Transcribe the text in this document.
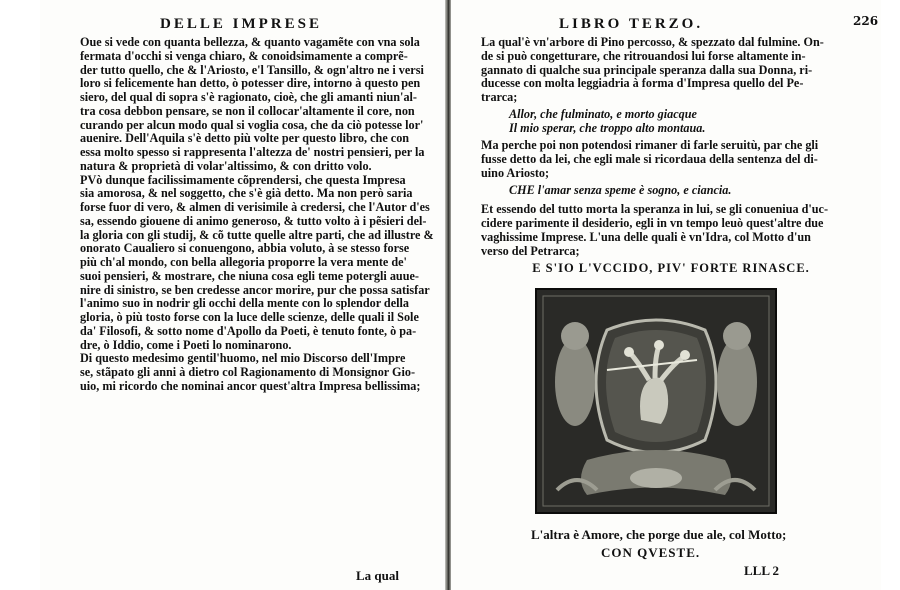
DELLE IMPRESE
Oue si vede con quanta bellezza, & quanto vagamẽte con vna sola
fermata d'occhi si venga chiaro, & conoidsimamente a comprẽ-
der tutto quello, che & l'Ariosto, e'l Tansillo, & ogn'altro ne i versi
loro si felicemente han detto, ò potesser dire, intorno à questo pen
siero, del qual di sopra s'è ragionato, cioè, che gli amanti niun'al-
tra cosa debbon pensare, se non il collocar'altamente il core, non
curando per alcun modo qual si voglia cosa, che da ciò potesse lor'
auenire. Dell'Aquila s'è detto più volte per questo libro, che con
essa molto spesso si rappresenta l'altezza de' nostri pensieri, per la
natura & proprietà di volar'altissimo, & con dritto volo.
PVò dunque facilissimamente cõprendersi, che questa Impresa
sia amorosa, & nel soggetto, che s'è già detto. Ma non però saria
forse fuor di vero, & almen di verisimile à credersi, che l'Autor d'es
sa, essendo giouene di animo generoso, & tutto volto à i pẽsieri del-
la gloria con gli studij, & cõ tutte quelle altre parti, che ad illustre &
onorato Caualiero si conuengono, abbia voluto, à se stesso forse
più ch'al mondo, con bella allegoria proporre la vera mente de'
suoi pensieri, & mostrare, che niuna cosa egli teme potergli auue-
nire di sinistro, se ben credesse ancor morire, pur che possa satisfar
l'animo suo in nodrir gli occhi della mente con lo splendor della
gloria, ò più tosto forse con la luce delle scienze, delle quali il Sole
da' Filosofi, & sotto nome d'Apollo da Poeti, è tenuto fonte, ò pa-
dre, ò Iddio, come i Poeti lo nominarono.
Di questo medesimo gentil'huomo, nel mio Discorso dell'Impre
se, stãpato gli anni à dietro col Ragionamento di Monsignor Gio-
uio, mi ricordo che nominai ancor quest'altra Impresa bellissima;
La qual
LIBRO TERZO.	226
La qual'è vn'arbore di Pino percosso, & spezzato dal fulmine. On-
de si può congetturare, che ritrouandosi lui forse altamente in-
gannato di qualche sua principale speranza dalla sua Donna, ri-
ducesse con molta leggiadria à forma d'Impresa quello del Pe-
trarca;
Allor, che fulminato, e morto giacque
Il mio sperar, che troppo alto montaua.
Ma perche poi non potendosi rimaner di farle seruitù, par che gli
fusse detto da lei, che egli male si ricordaua della sentenza del di-
uino Ariosto;
CHE l'amar senza speme è sogno, e ciancia.
Et essendo del tutto morta la speranza in lui, se gli conueniua d'uc-
cidere parimente il desiderio, egli in vn tempo leuò quest'altre due
vaghissime Imprese. L'una delle quali è vn'Idra, col Motto d'un
verso del Petrarca;
E S'IO L'VCCIDO, PIV' FORTE RINASCE.
L'altra è Amore, che porge due ale, col Motto;
CON QVESTE.
LLL 2
